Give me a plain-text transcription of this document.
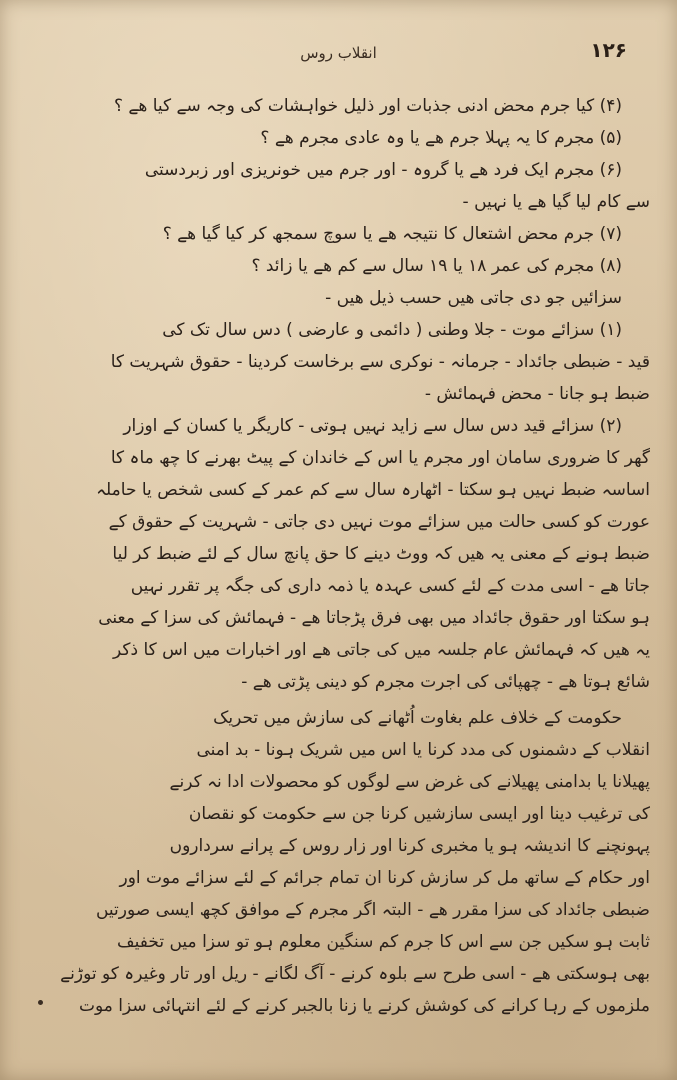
۱۲۶
انقلاب روس
(۴) کیا جرم محض ادنی جذبات اور ذلیل خواہشات کی وجہ سے کیا ھے ؟
(۵) مجرم کا یہ پہلا جرم ھے یا وہ عادی مجرم ھے ؟
(۶) مجرم ایک فرد ھے یا گروہ - اور جرم میں خونریزی اور زبردستی
سے کام لیا گیا ھے یا نہیں -
(۷) جرم محض اشتعال کا نتیجہ ھے یا سوچ سمجھ کر کیا گیا ھے ؟
(۸) مجرم کی عمر ۱۸ یا ۱۹ سال سے کم ھے یا زائد ؟
سزائیں جو دی جاتی ھیں حسب ذیل ھیں -
(۱) سزائے موت - جلا وطنی ( دائمی و عارضی ) دس سال تک کی
قید - ضبطی جائداد - جرمانہ - نوکری سے برخاست کردینا - حقوق شہریت کا
ضبط ہو جانا - محض فہمائش -
(۲) سزائے قید دس سال سے زاید نہیں ہوتی - کاریگر یا کسان کے اوزار
گھر کا ضروری سامان اور مجرم یا اس کے خاندان کے پیٹ بھرنے کا چھ ماہ کا
اساسہ ضبط نہیں ہو سکتا - اٹھارہ سال سے کم عمر کے کسی شخص یا حاملہ
عورت کو کسی حالت میں سزائے موت نہیں دی جاتی - شہریت کے حقوق کے
ضبط ہونے کے معنی یہ ھیں کہ ووٹ دینے کا حق پانچ سال کے لئے ضبط کر لیا
جاتا ھے - اسی مدت کے لئے کسی عہدہ یا ذمہ داری کی جگہ پر تقرر نہیں
ہو سکتا اور حقوق جائداد میں بھی فرق پڑجاتا ھے - فہمائش کی سزا کے معنی
یہ ھیں کہ فہمائش عام جلسہ میں کی جاتی ھے اور اخبارات میں اس کا ذکر
شائع ہوتا ھے - چھپائی کی اجرت مجرم کو دینی پڑتی ھے -
حکومت کے خلاف علم بغاوت اُٹھانے کی سازش میں تحریک
انقلاب کے دشمنوں کی مدد کرنا یا اس میں شریک ہونا - بد امنی
پھیلانا یا بدامنی پھیلانے کی غرض سے لوگوں کو محصولات ادا نہ کرنے
کی ترغیب دینا اور ایسی سازشیں کرنا جن سے حکومت کو نقصان
پہونچنے کا اندیشہ ہو یا مخبری کرنا اور زار روس کے پرانے سرداروں
اور حکام کے ساتھ مل کر سازش کرنا ان تمام جرائم کے لئے سزائے موت اور
ضبطی جائداد کی سزا مقرر ھے - البتہ اگر مجرم کے موافق کچھ ایسی صورتیں
ثابت ہو سکیں جن سے اس کا جرم کم سنگین معلوم ہو تو سزا میں تخفیف
بھی ہوسکتی ھے - اسی طرح سے بلوہ کرنے - آگ لگانے - ریل اور تار وغیرہ کو توڑنے
ملزموں کے رہا کرانے کی کوشش کرنے یا زنا بالجبر کرنے کے لئے انتہائی سزا موت
